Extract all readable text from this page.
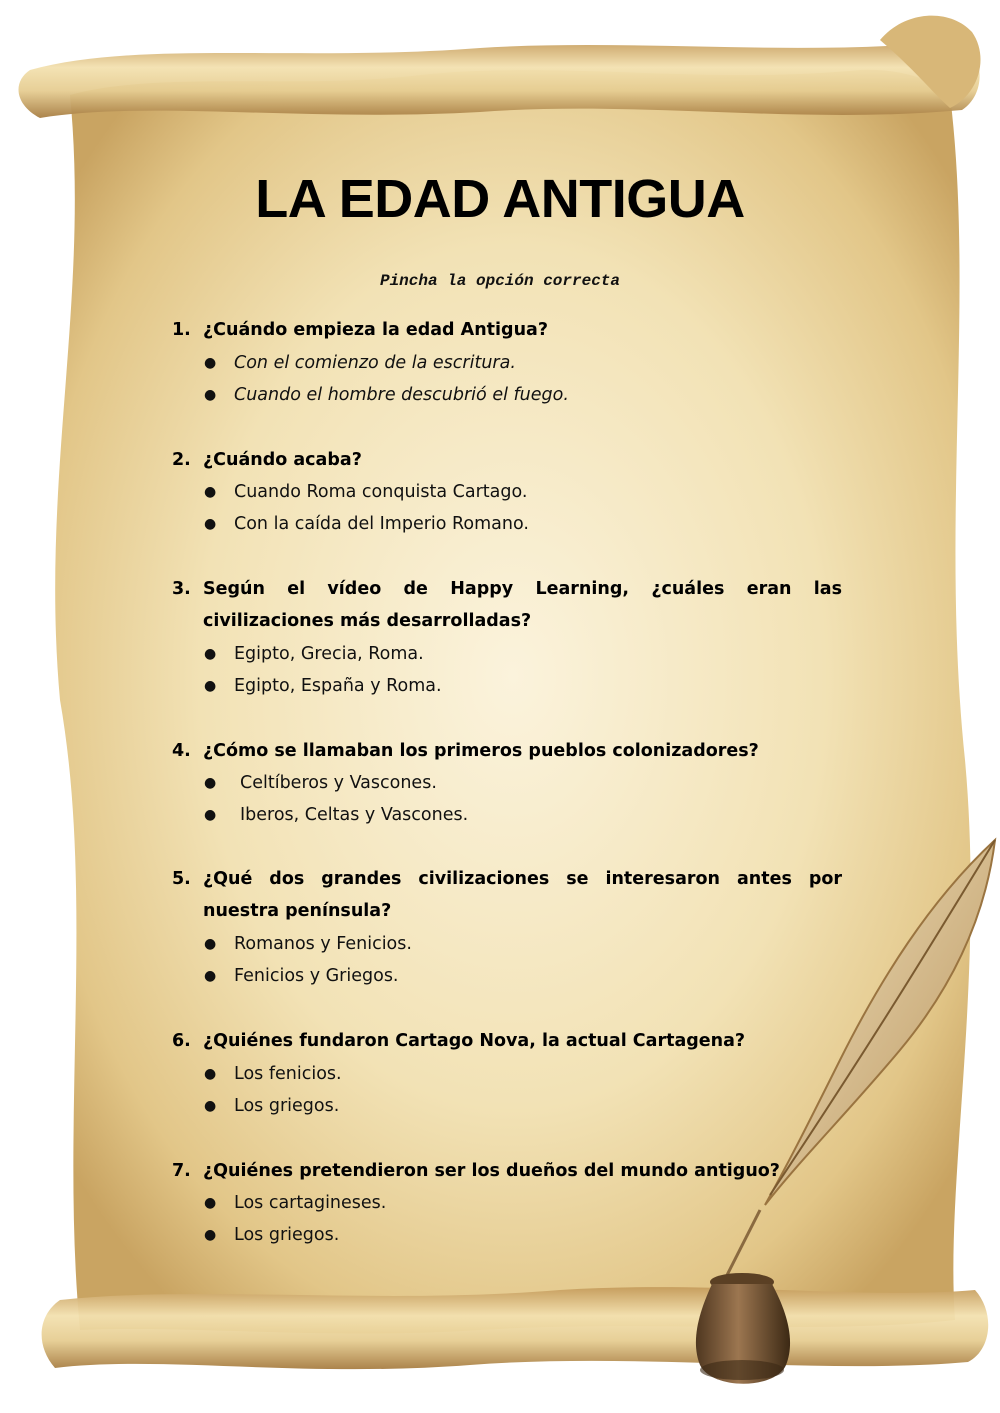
LA EDAD ANTIGUA
Pincha la opción correcta
1. ¿Cuándo empieza la edad Antigua?
● Con el comienzo de la escritura.
● Cuando el hombre descubrió el fuego.
2. ¿Cuándo acaba?
● Cuando Roma conquista Cartago.
● Con la caída del Imperio Romano.
3. Según el vídeo de Happy Learning, ¿cuáles eran las civilizaciones más desarrolladas?
● Egipto, Grecia, Roma.
● Egipto, España y Roma.
4. ¿Cómo se llamaban los primeros pueblos colonizadores?
● Celtíberos y Vascones.
● Iberos, Celtas y Vascones.
5. ¿Qué dos grandes civilizaciones se interesaron antes por nuestra península?
● Romanos y Fenicios.
● Fenicios y Griegos.
6. ¿Quiénes fundaron Cartago Nova, la actual Cartagena?
● Los fenicios.
● Los griegos.
7. ¿Quiénes pretendieron ser los dueños del mundo antiguo?
● Los cartagineses.
● Los griegos.
